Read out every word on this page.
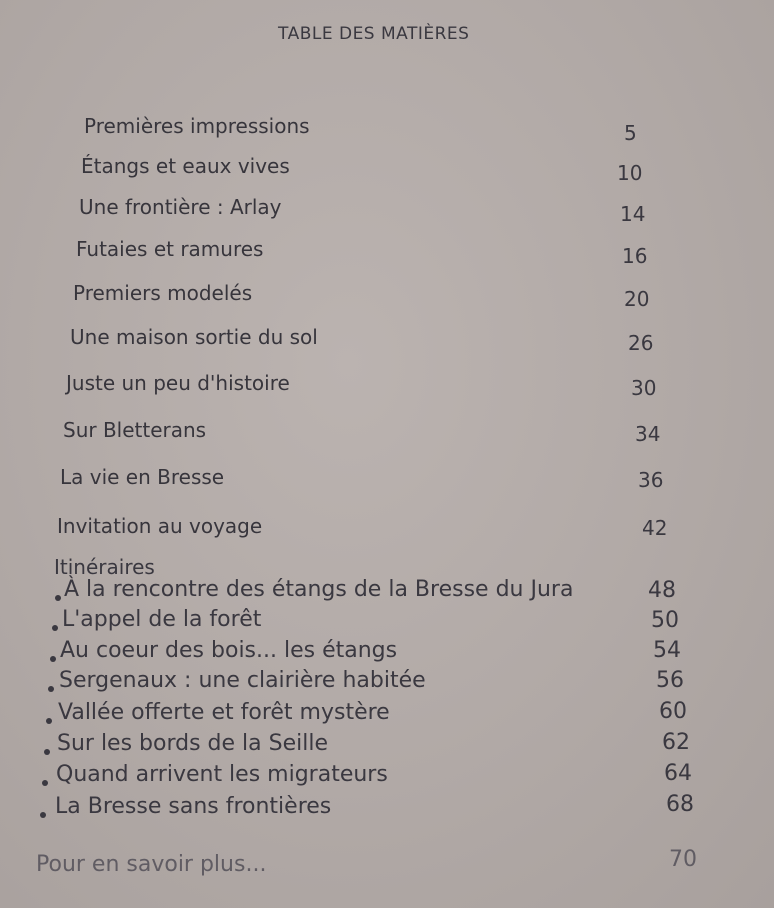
TABLE DES MATIÈRES
Premières impressions	5
Étangs et eaux vives	10
Une frontière : Arlay	14
Futaies et ramures	16
Premiers modelés	20
Une maison sortie du sol	26
Juste un peu d'histoire	30
Sur Bletterans	34
La vie en Bresse	36
Invitation au voyage	42
Itinéraires
À la rencontre des étangs de la Bresse du Jura	48
L'appel de la forêt	50
Au coeur des bois... les étangs	54
Sergenaux : une clairière habitée	56
Vallée offerte et forêt mystère	60
Sur les bords de la Seille	62
Quand arrivent les migrateurs	64
La Bresse sans frontières	68
Pour en savoir plus...	70
